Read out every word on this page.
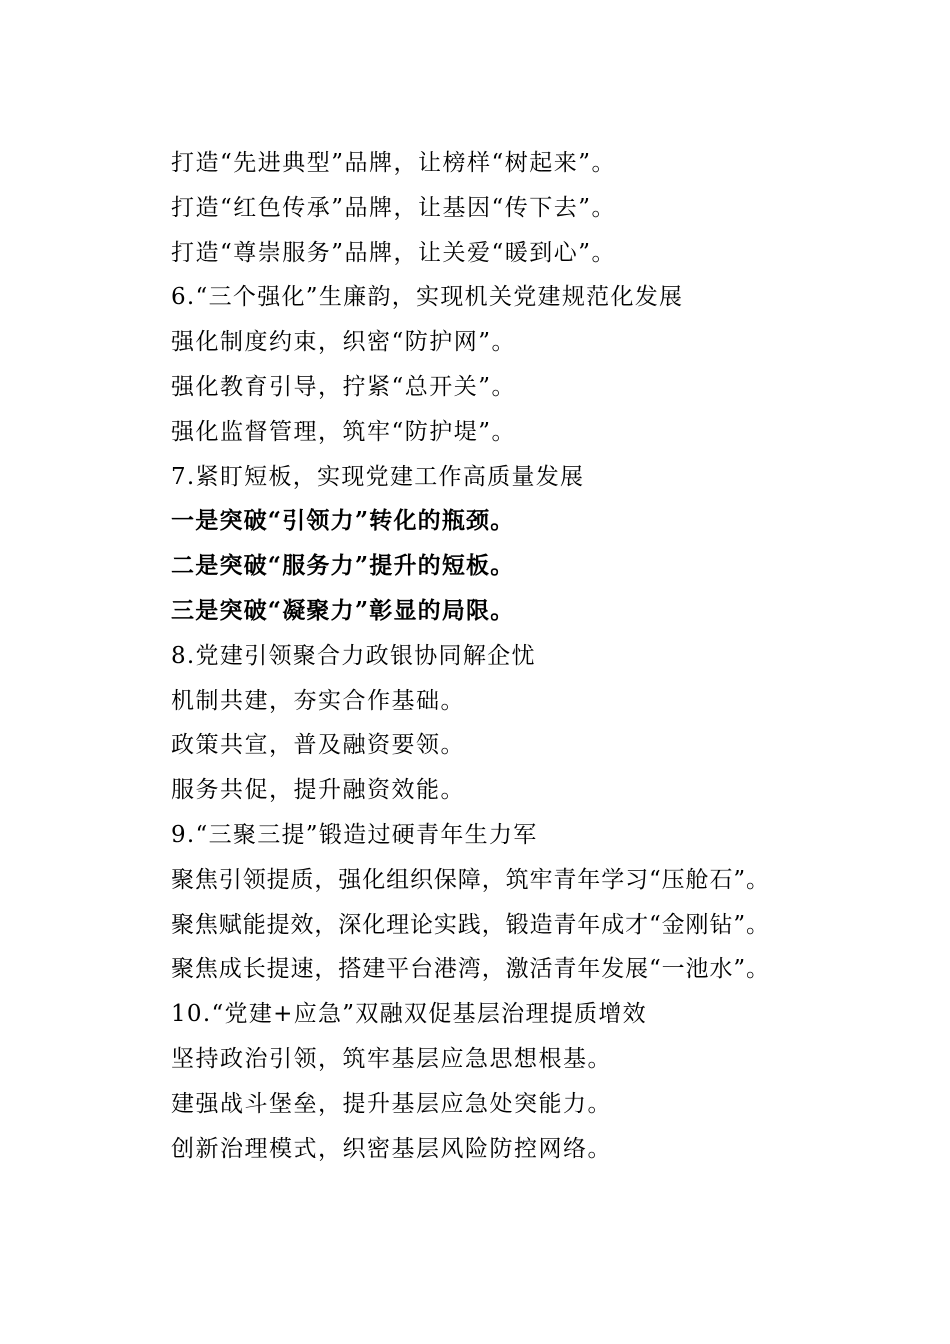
打造“先进典型”品牌，让榜样“树起来”。
打造“红色传承”品牌，让基因“传下去”。
打造“尊崇服务”品牌，让关爱“暖到心”。
6.“三个强化”生廉韵，实现机关党建规范化发展
强化制度约束，织密“防护网”。
强化教育引导，拧紧“总开关”。
强化监督管理，筑牢“防护堤”。
7.紧盯短板，实现党建工作高质量发展
一是突破“引领力”转化的瓶颈。
二是突破“服务力”提升的短板。
三是突破“凝聚力”彰显的局限。
8.党建引领聚合力政银协同解企忧
机制共建，夯实合作基础。
政策共宣，普及融资要领。
服务共促，提升融资效能。
9.“三聚三提”锻造过硬青年生力军
聚焦引领提质，强化组织保障，筑牢青年学习“压舱石”。
聚焦赋能提效，深化理论实践，锻造青年成才“金刚钻”。
聚焦成长提速，搭建平台港湾，激活青年发展“一池水”。
10.“党建+应急”双融双促基层治理提质增效
坚持政治引领，筑牢基层应急思想根基。
建强战斗堡垒，提升基层应急处突能力。
创新治理模式，织密基层风险防控网络。
